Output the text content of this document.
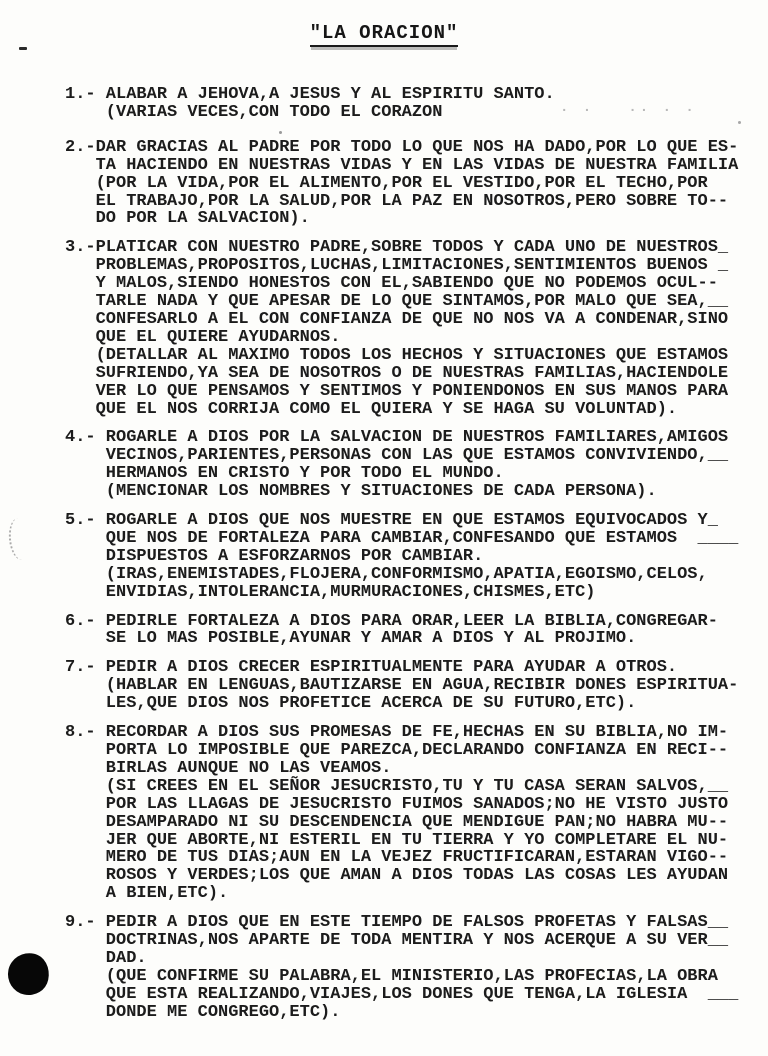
"LA ORACION"
· ·   ·· · ·
1.- ALABAR A JEHOVA,A JESUS Y AL ESPIRITU SANTO.
(VARIAS VECES,CON TODO EL CORAZON
2.-DAR GRACIAS AL PADRE POR TODO LO QUE NOS HA DADO,POR LO QUE ES-
TA HACIENDO EN NUESTRAS VIDAS Y EN LAS VIDAS DE NUESTRA FAMILIA
(POR LA VIDA,POR EL ALIMENTO,POR EL VESTIDO,POR EL TECHO,POR
EL TRABAJO,POR LA SALUD,POR LA PAZ EN NOSOTROS,PERO SOBRE TO--
DO POR LA SALVACION).
3.-PLATICAR CON NUESTRO PADRE,SOBRE TODOS Y CADA UNO DE NUESTROS_
PROBLEMAS,PROPOSITOS,LUCHAS,LIMITACIONES,SENTIMIENTOS BUENOS _
Y MALOS,SIENDO HONESTOS CON EL,SABIENDO QUE NO PODEMOS OCUL--
TARLE NADA Y QUE APESAR DE LO QUE SINTAMOS,POR MALO QUE SEA,__
CONFESARLO A EL CON CONFIANZA DE QUE NO NOS VA A CONDENAR,SINO
QUE EL QUIERE AYUDARNOS.
(DETALLAR AL MAXIMO TODOS LOS HECHOS Y SITUACIONES QUE ESTAMOS
SUFRIENDO,YA SEA DE NOSOTROS O DE NUESTRAS FAMILIAS,HACIENDOLE
VER LO QUE PENSAMOS Y SENTIMOS Y PONIENDONOS EN SUS MANOS PARA
QUE EL NOS CORRIJA COMO EL QUIERA Y SE HAGA SU VOLUNTAD).
4.- ROGARLE A DIOS POR LA SALVACION DE NUESTROS FAMILIARES,AMIGOS
VECINOS,PARIENTES,PERSONAS CON LAS QUE ESTAMOS CONVIVIENDO,__
HERMANOS EN CRISTO Y POR TODO EL MUNDO.
(MENCIONAR LOS NOMBRES Y SITUACIONES DE CADA PERSONA).
5.- ROGARLE A DIOS QUE NOS MUESTRE EN QUE ESTAMOS EQUIVOCADOS Y_
QUE NOS DE FORTALEZA PARA CAMBIAR,CONFESANDO QUE ESTAMOS  ____
DISPUESTOS A ESFORZARNOS POR CAMBIAR.
(IRAS,ENEMISTADES,FLOJERA,CONFORMISMO,APATIA,EGOISMO,CELOS,
ENVIDIAS,INTOLERANCIA,MURMURACIONES,CHISMES,ETC)
6.- PEDIRLE FORTALEZA A DIOS PARA ORAR,LEER LA BIBLIA,CONGREGAR-
SE LO MAS POSIBLE,AYUNAR Y AMAR A DIOS Y AL PROJIMO.
7.- PEDIR A DIOS CRECER ESPIRITUALMENTE PARA AYUDAR A OTROS.
(HABLAR EN LENGUAS,BAUTIZARSE EN AGUA,RECIBIR DONES ESPIRITUA-
LES,QUE DIOS NOS PROFETICE ACERCA DE SU FUTURO,ETC).
8.- RECORDAR A DIOS SUS PROMESAS DE FE,HECHAS EN SU BIBLIA,NO IM-
PORTA LO IMPOSIBLE QUE PAREZCA,DECLARANDO CONFIANZA EN RECI--
BIRLAS AUNQUE NO LAS VEAMOS.
(SI CREES EN EL SEÑOR JESUCRISTO,TU Y TU CASA SERAN SALVOS,__
POR LAS LLAGAS DE JESUCRISTO FUIMOS SANADOS;NO HE VISTO JUSTO
DESAMPARADO NI SU DESCENDENCIA QUE MENDIGUE PAN;NO HABRA MU--
JER QUE ABORTE,NI ESTERIL EN TU TIERRA Y YO COMPLETARE EL NU-
MERO DE TUS DIAS;AUN EN LA VEJEZ FRUCTIFICARAN,ESTARAN VIGO--
ROSOS Y VERDES;LOS QUE AMAN A DIOS TODAS LAS COSAS LES AYUDAN
A BIEN,ETC).
9.- PEDIR A DIOS QUE EN ESTE TIEMPO DE FALSOS PROFETAS Y FALSAS__
DOCTRINAS,NOS APARTE DE TODA MENTIRA Y NOS ACERQUE A SU VER__
DAD.
(QUE CONFIRME SU PALABRA,EL MINISTERIO,LAS PROFECIAS,LA OBRA
QUE ESTA REALIZANDO,VIAJES,LOS DONES QUE TENGA,LA IGLESIA  ___
DONDE ME CONGREGO,ETC).
